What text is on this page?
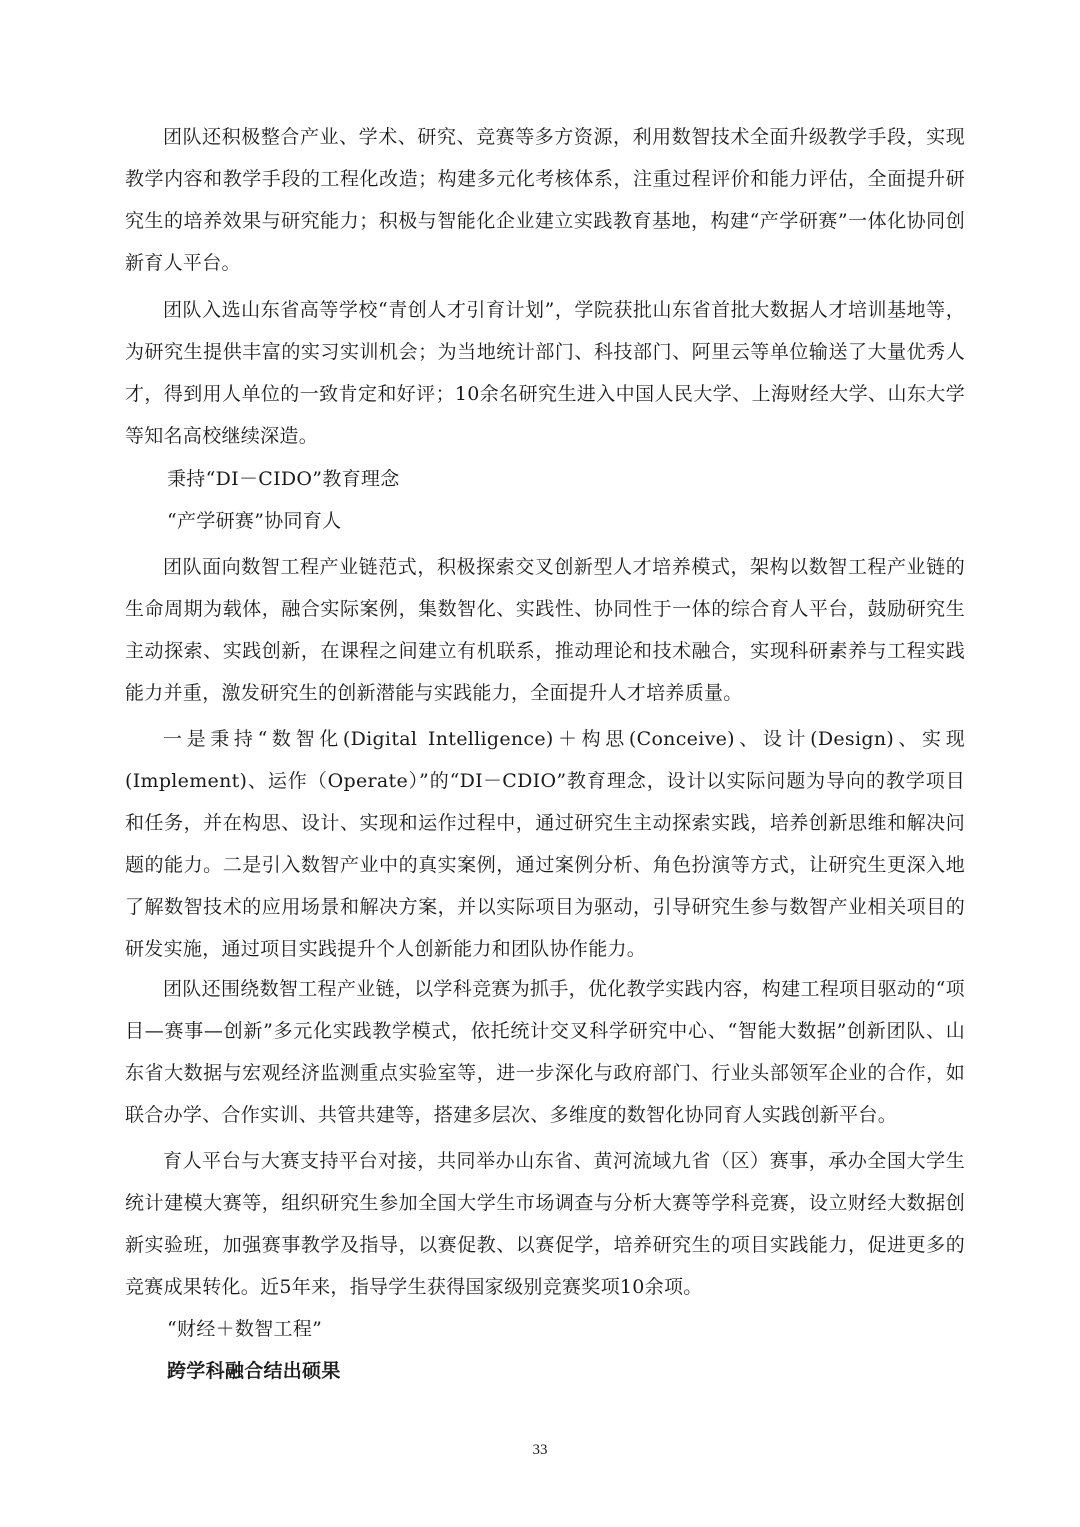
团队还积极整合产业、学术、研究、竞赛等多方资源，利用数智技术全面升级教学手段，实现教学内容和教学手段的工程化改造；构建多元化考核体系，注重过程评价和能力评估，全面提升研究生的培养效果与研究能力；积极与智能化企业建立实践教育基地，构建“产学研赛”一体化协同创新育人平台。

团队入选山东省高等学校“青创人才引育计划”，学院获批山东省首批大数据人才培训基地等，为研究生提供丰富的实习实训机会；为当地统计部门、科技部门、阿里云等单位输送了大量优秀人才，得到用人单位的一致肯定和好评；10余名研究生进入中国人民大学、上海财经大学、山东大学等知名高校继续深造。

秉持“DI－CIDO”教育理念

“产学研赛”协同育人

团队面向数智工程产业链范式，积极探索交叉创新型人才培养模式，架构以数智工程产业链的生命周期为载体，融合实际案例，集数智化、实践性、协同性于一体的综合育人平台，鼓励研究生主动探索、实践创新，在课程之间建立有机联系，推动理论和技术融合，实现科研素养与工程实践能力并重，激发研究生的创新潜能与实践能力，全面提升人才培养质量。

一是秉持“数智化(Digital Intelligence)＋构思(Conceive)、设计(Design)、实现(Implement)、运作（Operate）”的“DI－CDIO”教育理念，设计以实际问题为导向的教学项目和任务，并在构思、设计、实现和运作过程中，通过研究生主动探索实践，培养创新思维和解决问题的能力。二是引入数智产业中的真实案例，通过案例分析、角色扮演等方式，让研究生更深入地了解数智技术的应用场景和解决方案，并以实际项目为驱动，引导研究生参与数智产业相关项目的研发实施，通过项目实践提升个人创新能力和团队协作能力。

团队还围绕数智工程产业链，以学科竞赛为抓手，优化教学实践内容，构建工程项目驱动的“项目—赛事—创新”多元化实践教学模式，依托统计交叉科学研究中心、“智能大数据”创新团队、山东省大数据与宏观经济监测重点实验室等，进一步深化与政府部门、行业头部领军企业的合作，如联合办学、合作实训、共管共建等，搭建多层次、多维度的数智化协同育人实践创新平台。

育人平台与大赛支持平台对接，共同举办山东省、黄河流域九省（区）赛事，承办全国大学生统计建模大赛等，组织研究生参加全国大学生市场调查与分析大赛等学科竞赛，设立财经大数据创新实验班，加强赛事教学及指导，以赛促教、以赛促学，培养研究生的项目实践能力，促进更多的竞赛成果转化。近5年来，指导学生获得国家级别竞赛奖项10余项。

“财经＋数智工程”

跨学科融合结出硕果

33
